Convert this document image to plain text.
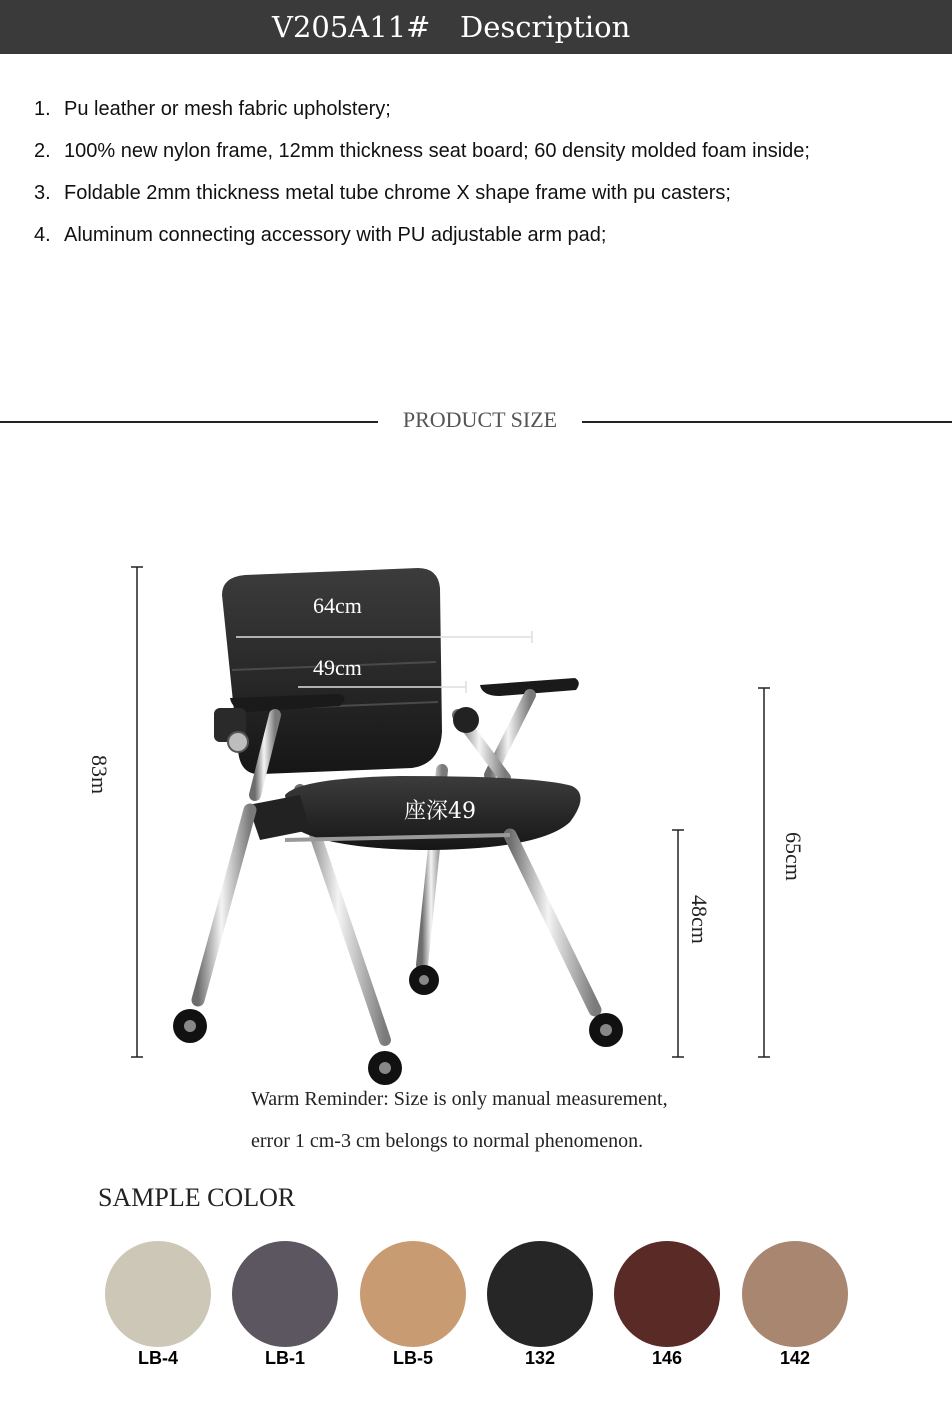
V205A11# Description
1. Pu leather or mesh fabric upholstery;
2. 100% new nylon frame, 12mm thickness seat board; 60 density molded foam inside;
3. Foldable 2mm thickness metal tube chrome X shape frame with pu casters;
4. Aluminum connecting accessory with PU adjustable arm pad;
PRODUCT SIZE
83m
64cm
49cm
座深49
48cm
65cm
Warm Reminder: Size is only manual measurement,
error 1 cm-3 cm belongs to normal phenomenon.
SAMPLE COLOR
LB-4	LB-1	LB-5	132	146	142
